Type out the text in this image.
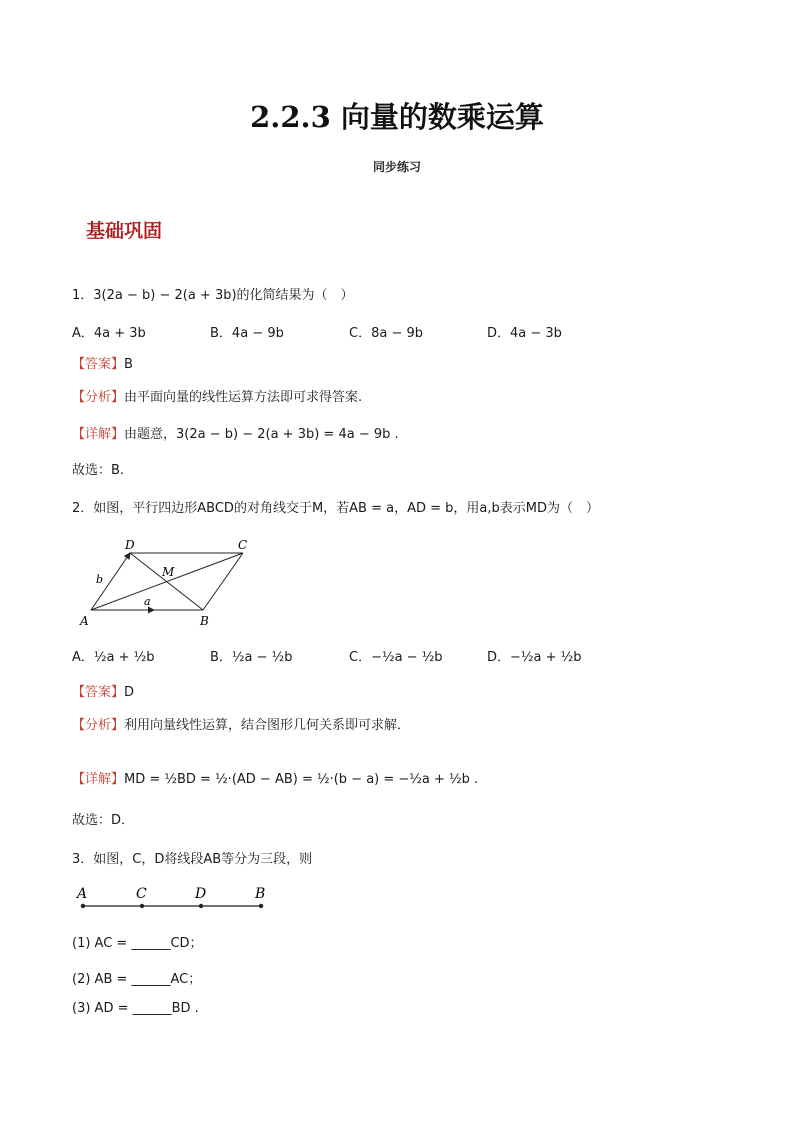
2.2.3 向量的数乘运算
同步练习
基础巩固
1．3(2a − b) − 2(a + 3b)的化简结果为（　）
A．4a + 3b	B．4a − 9b	C．8a − 9b	D．4a − 3b
【答案】B
【分析】由平面向量的线性运算方法即可求得答案.
【详解】由题意，3(2a − b) − 2(a + 3b) = 4a − 9b .
故选：B.
2．如图，平行四边形ABCD的对角线交于M，若AB = a，AD = b，用a,b表示MD为（　）
A	B
C
D
M
a
b
A．½a + ½b	B．½a − ½b	C．−½a − ½b	D．−½a + ½b
【答案】D
【分析】利用向量线性运算，结合图形几何关系即可求解．
【详解】MD = ½BD = ½·(AD − AB) = ½·(b − a) = −½a + ½b .
故选：D．
3．如图，C，D将线段AB等分为三段，则
A	C	D	B
(1) AC = ______CD；
(2) AB = ______AC；
(3) AD = ______BD .
